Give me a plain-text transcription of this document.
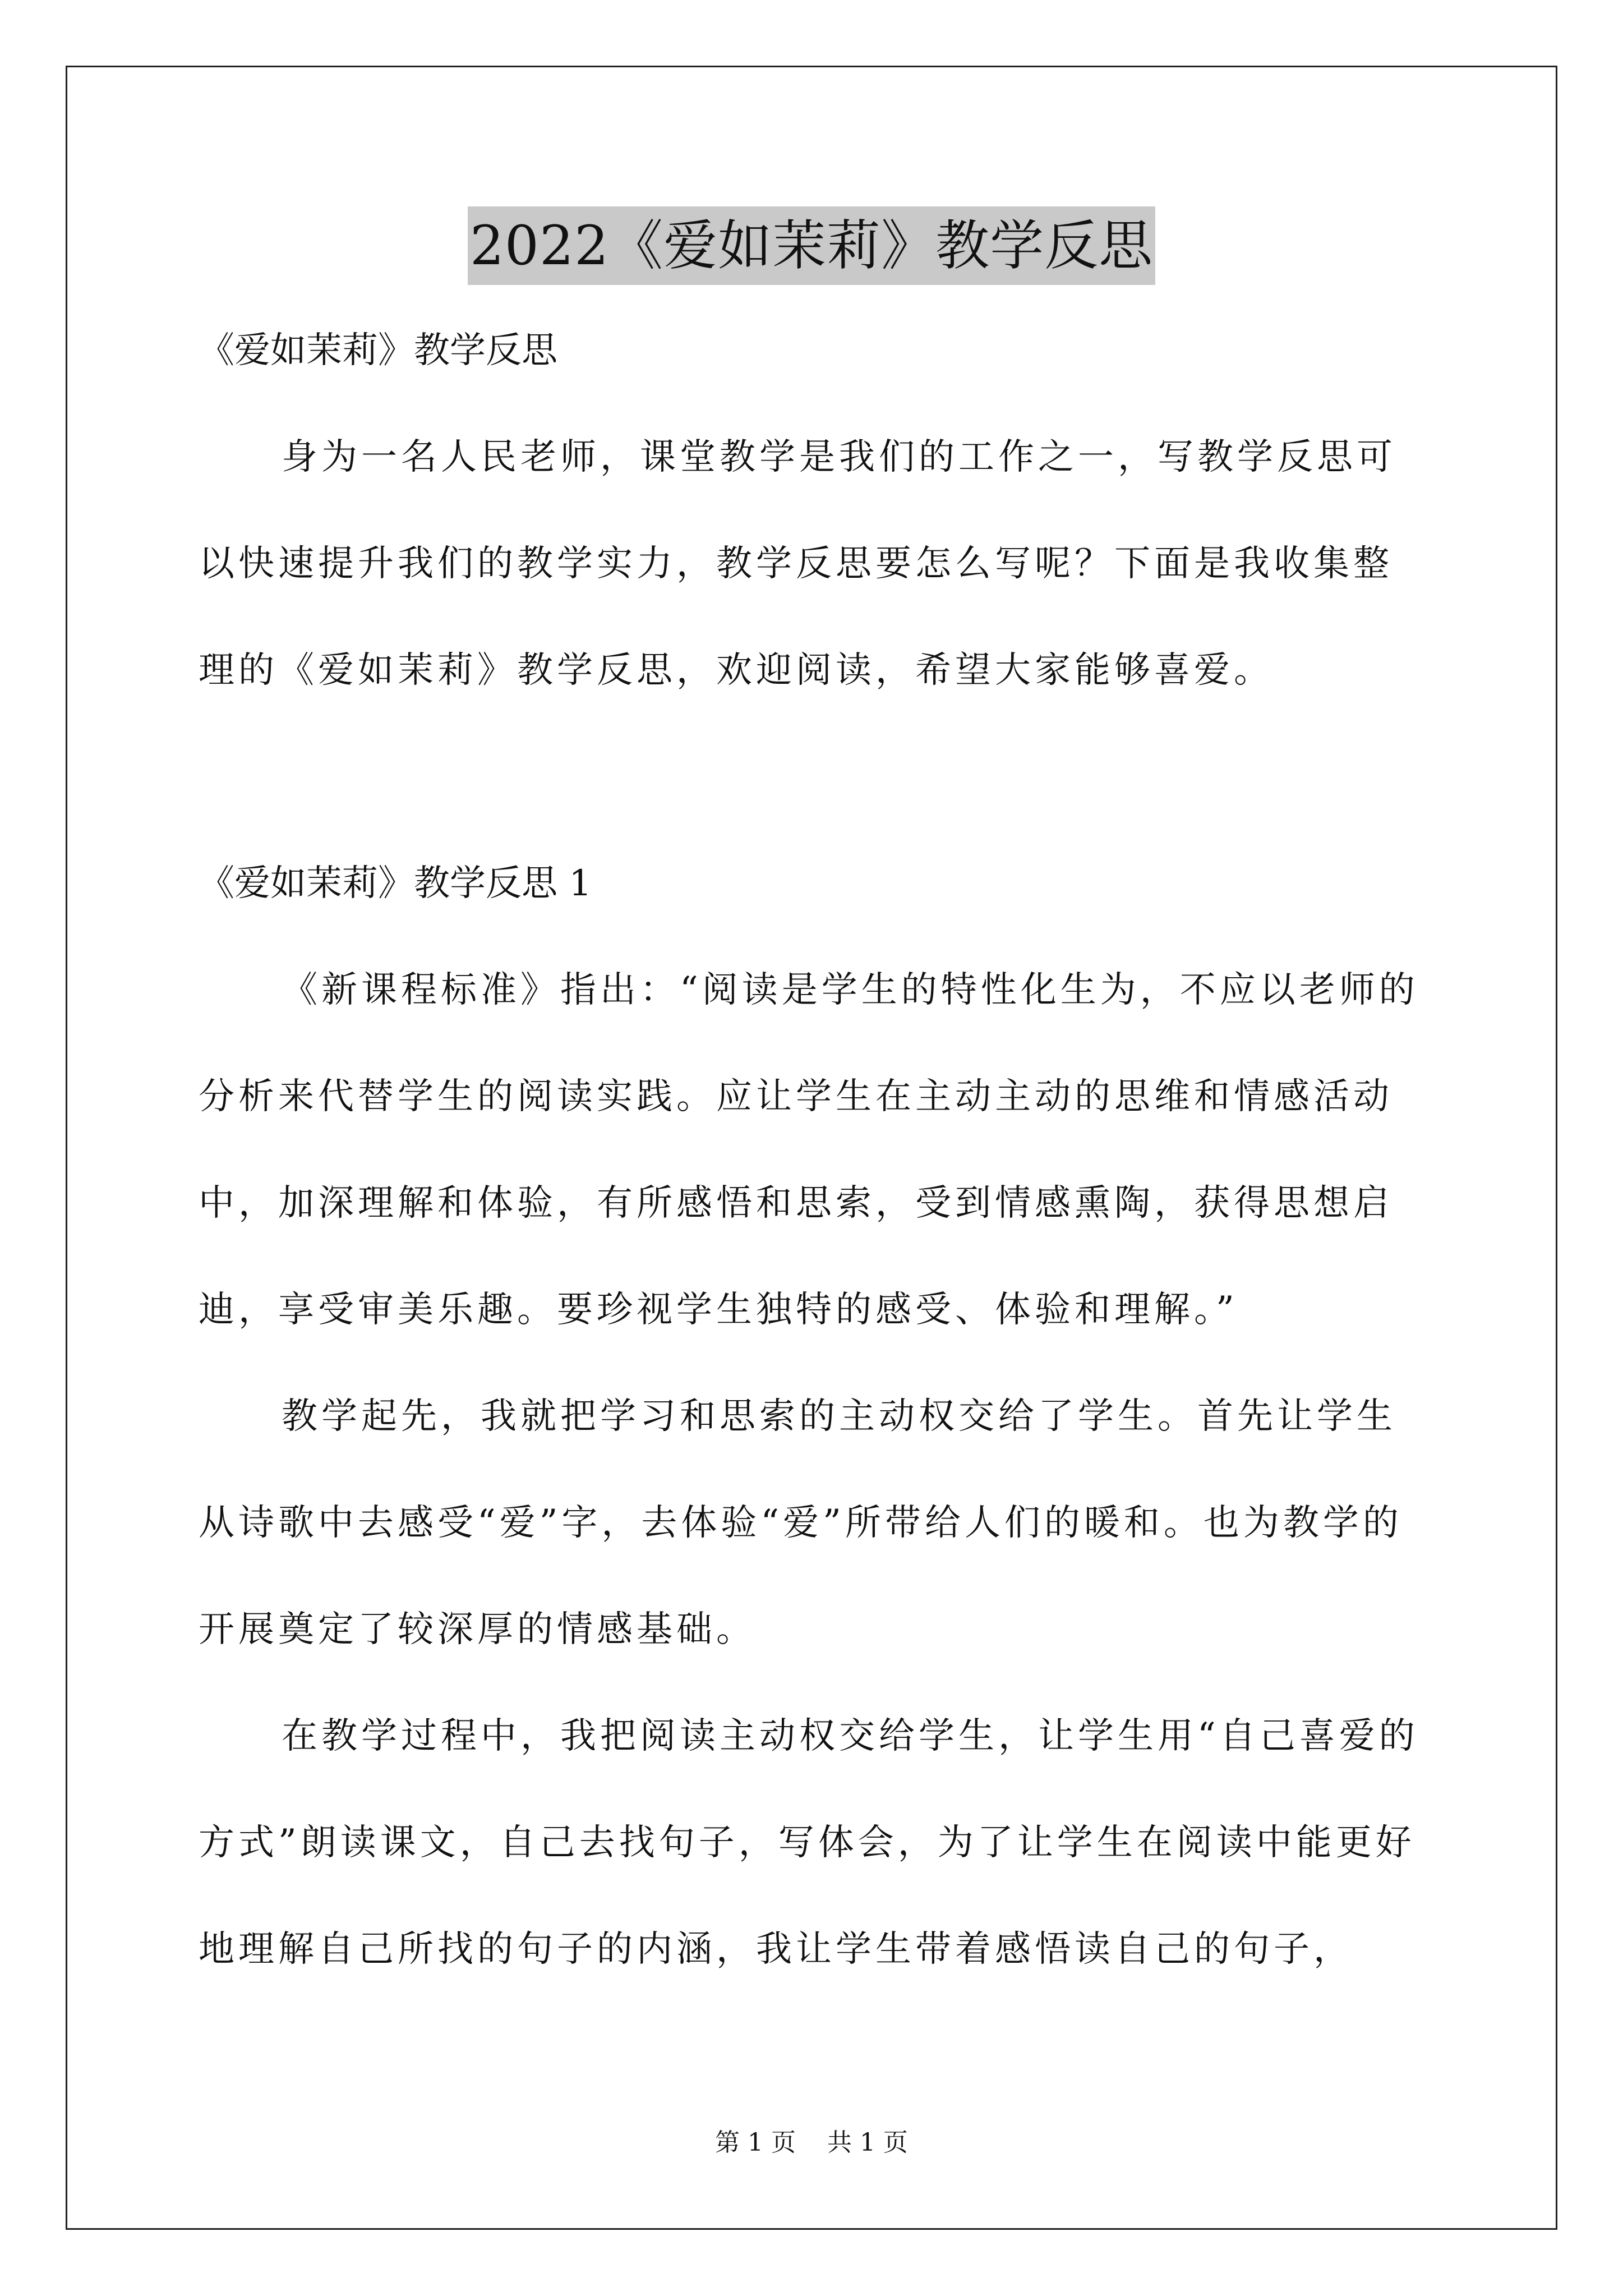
2022《爱如茉莉》教学反思

《爱如茉莉》教学反思

身为一名人民老师，课堂教学是我们的工作之一，写教学反思可以快速提升我们的教学实力，教学反思要怎么写呢？下面是我收集整理的《爱如茉莉》教学反思，欢迎阅读，希望大家能够喜爱。

《爱如茉莉》教学反思 1

《新课程标准》指出：“阅读是学生的特性化生为，不应以老师的分析来代替学生的阅读实践。应让学生在主动主动的思维和情感活动中，加深理解和体验，有所感悟和思索，受到情感熏陶，获得思想启迪，享受审美乐趣。要珍视学生独特的感受、体验和理解。”

教学起先，我就把学习和思索的主动权交给了学生。首先让学生从诗歌中去感受“爱”字，去体验“爱”所带给人们的暖和。也为教学的开展奠定了较深厚的情感基础。

在教学过程中，我把阅读主动权交给学生，让学生用“自己喜爱的方式”朗读课文，自己去找句子，写体会，为了让学生在阅读中能更好地理解自己所找的句子的内涵，我让学生带着感悟读自己的句子，

第 1 页    共 1 页
